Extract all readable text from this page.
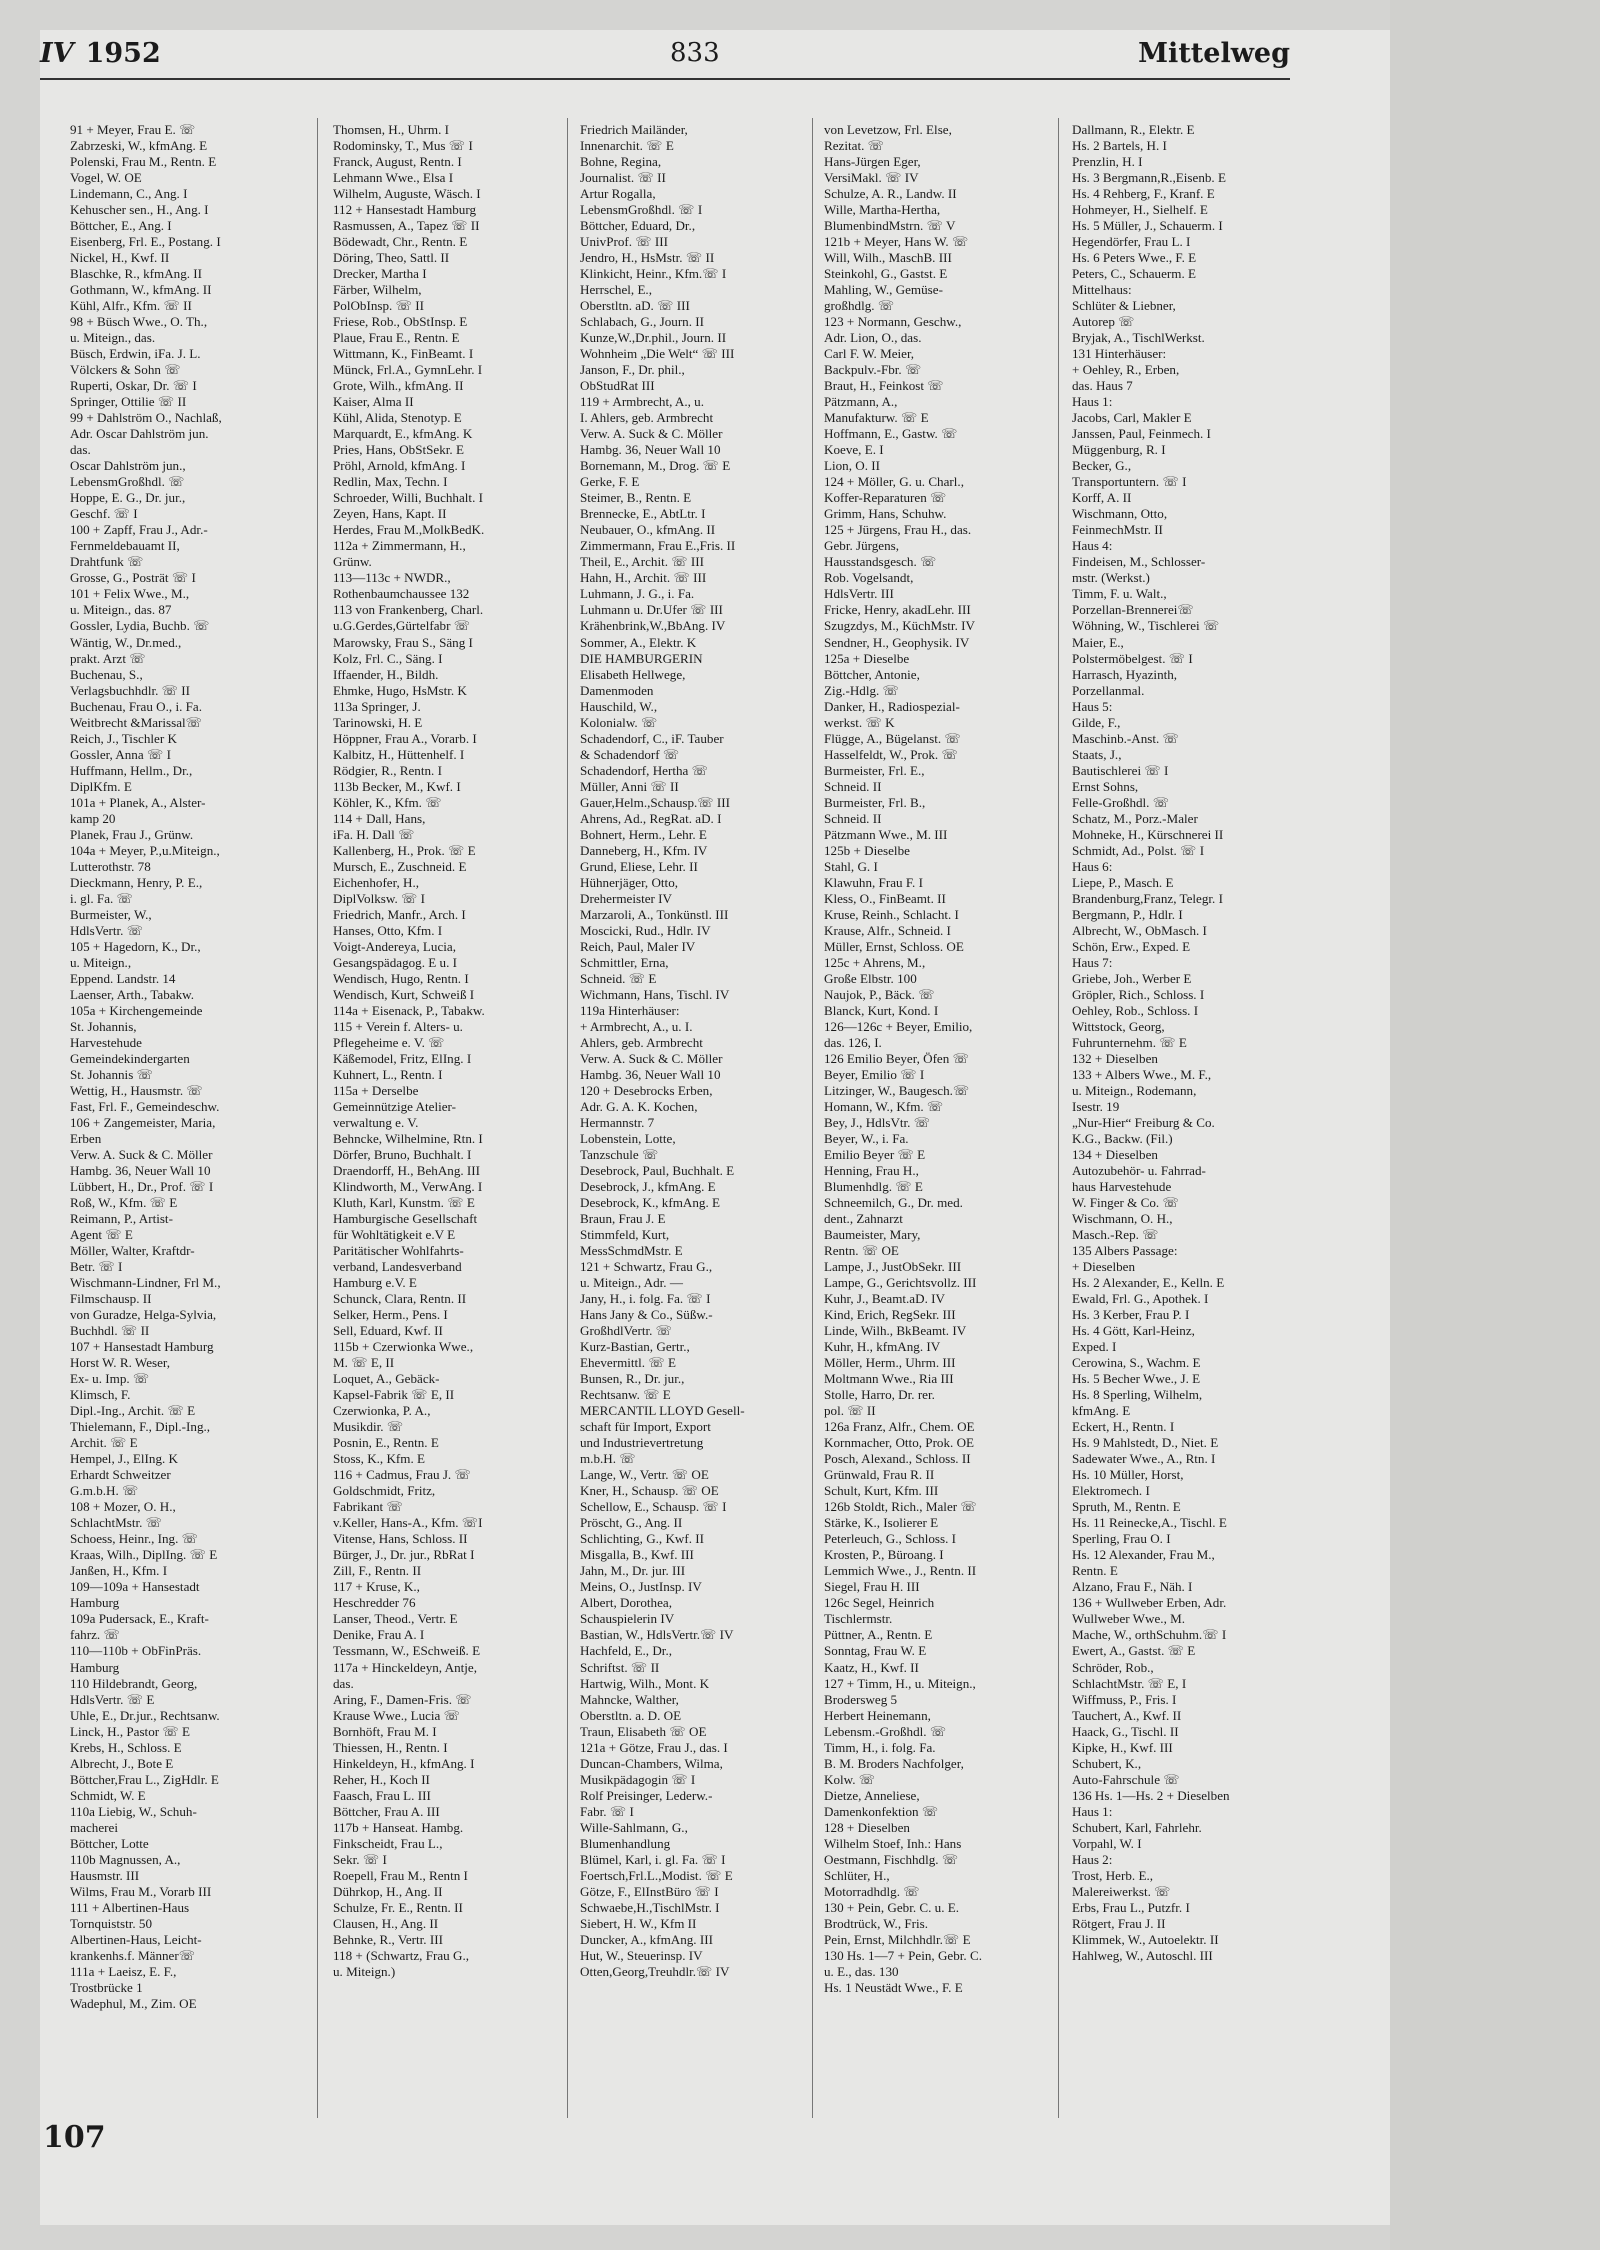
IV 1952	833	Mittelweg
91 + Meyer, Frau E. ☏
Zabrzeski, W., kfmAng. E
Polenski, Frau M., Rentn. E
Vogel, W. OE
Lindemann, C., Ang. I
Kehuscher sen., H., Ang. I
Böttcher, E., Ang. I
Eisenberg, Frl. E., Postang. I
Nickel, H., Kwf. II
Blaschke, R., kfmAng. II
Gothmann, W., kfmAng. II
Kühl, Alfr., Kfm. ☏ II
98 + Büsch Wwe., O. Th.,
u. Miteign., das.
Büsch, Erdwin, iFa. J. L.
Völckers & Sohn ☏
Ruperti, Oskar, Dr. ☏ I
Springer, Ottilie ☏ II
99 + Dahlström O., Nachlaß,
Adr. Oscar Dahlström jun.
das.
Oscar Dahlström jun.,
LebensmGroßhdl. ☏
Hoppe, E. G., Dr. jur.,
Geschf. ☏ I
100 + Zapff, Frau J., Adr.-
Fernmeldebauamt II,
Drahtfunk ☏
Grosse, G., Posträt ☏ I
101 + Felix Wwe., M.,
u. Miteign., das. 87
Gossler, Lydia, Buchb. ☏
Wäntig, W., Dr.med.,
prakt. Arzt ☏
Buchenau, S.,
Verlagsbuchhdlr. ☏ II
Buchenau, Frau O., i. Fa.
Weitbrecht &Marissal☏
Reich, J., Tischler K
Gossler, Anna ☏ I
Huffmann, Hellm., Dr.,
DiplKfm. E
101a + Planek, A., Alster-
kamp 20
Planek, Frau J., Grünw.
104a + Meyer, P.,u.Miteign.,
Lutterothstr. 78
Dieckmann, Henry, P. E.,
i. gl. Fa. ☏
Burmeister, W.,
HdlsVertr. ☏
105 + Hagedorn, K., Dr.,
u. Miteign.,
Eppend. Landstr. 14
Laenser, Arth., Tabakw.
105a + Kirchengemeinde
St. Johannis,
Harvestehude
Gemeindekindergarten
St. Johannis ☏
Wettig, H., Hausmstr. ☏
Fast, Frl. F., Gemeindeschw.
106 + Zangemeister, Maria,
Erben
Verw. A. Suck & C. Möller
Hambg. 36, Neuer Wall 10
Lübbert, H., Dr., Prof. ☏ I
Roß, W., Kfm. ☏ E
Reimann, P., Artist-
Agent ☏ E
Möller, Walter, Kraftdr-
Betr. ☏ I
Wischmann-Lindner, Frl M.,
Filmschausp. II
von Guradze, Helga-Sylvia,
Buchhdl. ☏ II
107 + Hansestadt Hamburg
Horst W. R. Weser,
Ex- u. Imp. ☏
Klimsch, F.
Dipl.-Ing., Archit. ☏ E
Thielemann, F., Dipl.-Ing.,
Archit. ☏ E
Hempel, J., ElIng. K
Erhardt Schweitzer
G.m.b.H. ☏
108 + Mozer, O. H.,
SchlachtMstr. ☏
Schoess, Heinr., Ing. ☏
Kraas, Wilh., DiplIng. ☏ E
Janßen, H., Kfm. I
109—109a + Hansestadt
Hamburg
109a Pudersack, E., Kraft-
fahrz. ☏
110—110b + ObFinPräs.
Hamburg
110 Hildebrandt, Georg,
HdlsVertr. ☏ E
Uhle, E., Dr.jur., Rechtsanw.
Linck, H., Pastor ☏ E
Krebs, H., Schloss. E
Albrecht, J., Bote E
Böttcher,Frau L., ZigHdlr. E
Schmidt, W. E
110a Liebig, W., Schuh-
macherei
Böttcher, Lotte
110b Magnussen, A.,
Hausmstr. III
Wilms, Frau M., Vorarb III
111 + Albertinen-Haus
Tornquiststr. 50
Albertinen-Haus, Leicht-
krankenhs.f. Männer☏
111a + Laeisz, E. F.,
Trostbrücke 1
Wadephul, M., Zim. OE
Thomsen, H., Uhrm. I
Rodominsky, T., Mus ☏ I
Franck, August, Rentn. I
Lehmann Wwe., Elsa I
Wilhelm, Auguste, Wäsch. I
112 + Hansestadt Hamburg
Rasmussen, A., Tapez ☏ II
Bödewadt, Chr., Rentn. E
Döring, Theo, Sattl. II
Drecker, Martha I
Färber, Wilhelm,
PolObInsp. ☏ II
Friese, Rob., ObStInsp. E
Plaue, Frau E., Rentn. E
Wittmann, K., FinBeamt. I
Münck, Frl.A., GymnLehr. I
Grote, Wilh., kfmAng. II
Kaiser, Alma II
Kühl, Alida, Stenotyp. E
Marquardt, E., kfmAng. K
Pries, Hans, ObStSekr. E
Pröhl, Arnold, kfmAng. I
Redlin, Max, Techn. I
Schroeder, Willi, Buchhalt. I
Zeyen, Hans, Kapt. II
Herdes, Frau M.,MolkBedK.
112a + Zimmermann, H.,
Grünw.
113—113c + NWDR.,
Rothenbaumchaussee 132
113 von Frankenberg, Charl.
u.G.Gerdes,Gürtelfabr ☏
Marowsky, Frau S., Säng I
Kolz, Frl. C., Säng. I
Iffaender, H., Bildh.
Ehmke, Hugo, HsMstr. K
113a Springer, J.
Tarinowski, H. E
Höppner, Frau A., Vorarb. I
Kalbitz, H., Hüttenhelf. I
Rödgier, R., Rentn. I
113b Becker, M., Kwf. I
Köhler, K., Kfm. ☏
114 + Dall, Hans,
iFa. H. Dall ☏
Kallenberg, H., Prok. ☏ E
Mursch, E., Zuschneid. E
Eichenhofer, H.,
DiplVolksw. ☏ I
Friedrich, Manfr., Arch. I
Hanses, Otto, Kfm. I
Voigt-Andereya, Lucia,
Gesangspädagog. E u. I
Wendisch, Hugo, Rentn. I
Wendisch, Kurt, Schweiß I
114a + Eisenack, P., Tabakw.
115 + Verein f. Alters- u.
Pflegeheime e. V. ☏
Käßemodel, Fritz, ElIng. I
Kuhnert, L., Rentn. I
115a + Derselbe
Gemeinnützige Atelier-
verwaltung e. V.
Behncke, Wilhelmine, Rtn. I
Dörfer, Bruno, Buchhalt. I
Draendorff, H., BehAng. III
Klindworth, M., VerwAng. I
Kluth, Karl, Kunstm. ☏ E
Hamburgische Gesellschaft
für Wohltätigkeit e.V E
Paritätischer Wohlfahrts-
verband, Landesverband
Hamburg e.V. E
Schunck, Clara, Rentn. II
Selker, Herm., Pens. I
Sell, Eduard, Kwf. II
115b + Czerwionka Wwe.,
M. ☏ E, II
Loquet, A., Gebäck-
Kapsel-Fabrik ☏ E, II
Czerwionka, P. A.,
Musikdir. ☏
Posnin, E., Rentn. E
Stoss, K., Kfm. E
116 + Cadmus, Frau J. ☏
Goldschmidt, Fritz,
Fabrikant ☏
v.Keller, Hans-A., Kfm. ☏I
Vitense, Hans, Schloss. II
Bürger, J., Dr. jur., RbRat I
Zill, F., Rentn. II
117 + Kruse, K.,
Heschredder 76
Lanser, Theod., Vertr. E
Denike, Frau A. I
Tessmann, W., ESchweiß. E
117a + Hinckeldeyn, Antje,
das.
Aring, F., Damen-Fris. ☏
Krause Wwe., Lucia ☏
Bornhöft, Frau M. I
Thiessen, H., Rentn. I
Hinkeldeyn, H., kfmAng. I
Reher, H., Koch II
Faasch, Frau L. III
Böttcher, Frau A. III
117b + Hanseat. Hambg.
Finkscheidt, Frau L.,
Sekr. ☏ I
Roepell, Frau M., Rentn I
Dührkop, H., Ang. II
Schulze, Fr. E., Rentn. II
Clausen, H., Ang. II
Behnke, R., Vertr. III
118 + (Schwartz, Frau G.,
u. Miteign.)
Friedrich Mailänder,
Innenarchit. ☏ E
Bohne, Regina,
Journalist. ☏ II
Artur Rogalla,
LebensmGroßhdl. ☏ I
Böttcher, Eduard, Dr.,
UnivProf. ☏ III
Jendro, H., HsMstr. ☏ II
Klinkicht, Heinr., Kfm.☏ I
Herrschel, E.,
Oberstltn. aD. ☏ III
Schlabach, G., Journ. II
Kunze,W.,Dr.phil., Journ. II
Wohnheim „Die Welt“ ☏ III
Janson, F., Dr. phil.,
ObStudRat III
119 + Armbrecht, A., u.
I. Ahlers, geb. Armbrecht
Verw. A. Suck & C. Möller
Hambg. 36, Neuer Wall 10
Bornemann, M., Drog. ☏ E
Gerke, F. E
Steimer, B., Rentn. E
Brennecke, E., AbtLtr. I
Neubauer, O., kfmAng. II
Zimmermann, Frau E.,Fris. II
Theil, E., Archit. ☏ III
Hahn, H., Archit. ☏ III
Luhmann, J. G., i. Fa.
Luhmann u. Dr.Ufer ☏ III
Krähenbrink,W.,BbAng. IV
Sommer, A., Elektr. K
DIE HAMBURGERIN
Elisabeth Hellwege,
Damenmoden
Hauschild, W.,
Kolonialw. ☏
Schadendorf, C., iF. Tauber
& Schadendorf ☏
Schadendorf, Hertha ☏
Müller, Anni ☏ II
Gauer,Helm.,Schausp.☏ III
Ahrens, Ad., RegRat. aD. I
Bohnert, Herm., Lehr. E
Danneberg, H., Kfm. IV
Grund, Eliese, Lehr. II
Hühnerjäger, Otto,
Drehermeister IV
Marzaroli, A., Tonkünstl. III
Moscicki, Rud., Hdlr. IV
Reich, Paul, Maler IV
Schmittler, Erna,
Schneid. ☏ E
Wichmann, Hans, Tischl. IV
119a Hinterhäuser:
+ Armbrecht, A., u. I.
Ahlers, geb. Armbrecht
Verw. A. Suck & C. Möller
Hambg. 36, Neuer Wall 10
120 + Desebrocks Erben,
Adr. G. A. K. Kochen,
Hermannstr. 7
Lobenstein, Lotte,
Tanzschule ☏
Desebrock, Paul, Buchhalt. E
Desebrock, J., kfmAng. E
Desebrock, K., kfmAng. E
Braun, Frau J. E
Stimmfeld, Kurt,
MessSchmdMstr. E
121 + Schwartz, Frau G.,
u. Miteign., Adr. —
Jany, H., i. folg. Fa. ☏ I
Hans Jany & Co., Süßw.-
GroßhdlVertr. ☏
Kurz-Bastian, Gertr.,
Ehevermittl. ☏ E
Bunsen, R., Dr. jur.,
Rechtsanw. ☏ E
MERCANTIL LLOYD Gesell-
schaft für Import, Export
und Industrievertretung
m.b.H. ☏
Lange, W., Vertr. ☏ OE
Kner, H., Schausp. ☏ OE
Schellow, E., Schausp. ☏ I
Pröscht, G., Ang. II
Schlichting, G., Kwf. II
Misgalla, B., Kwf. III
Jahn, M., Dr. jur. III
Meins, O., JustInsp. IV
Albert, Dorothea,
Schauspielerin IV
Bastian, W., HdlsVertr.☏ IV
Hachfeld, E., Dr.,
Schriftst. ☏ II
Hartwig, Wilh., Mont. K
Mahncke, Walther,
Oberstltn. a. D. OE
Traun, Elisabeth ☏ OE
121a + Götze, Frau J., das. I
Duncan-Chambers, Wilma,
Musikpädagogin ☏ I
Rolf Preisinger, Lederw.-
Fabr. ☏ I
Wille-Sahlmann, G.,
Blumenhandlung
Blümel, Karl, i. gl. Fa. ☏ I
Foertsch,Frl.L.,Modist. ☏ E
Götze, F., ElInstBüro ☏ I
Schwaebe,H.,TischlMstr. I
Siebert, H. W., Kfm II
Duncker, A., kfmAng. III
Hut, W., Steuerinsp. IV
Otten,Georg,Treuhdlr.☏ IV
von Levetzow, Frl. Else,
Rezitat. ☏
Hans-Jürgen Eger,
VersiMakl. ☏ IV
Schulze, A. R., Landw. II
Wille, Martha-Hertha,
BlumenbindMstrn. ☏ V
121b + Meyer, Hans W. ☏
Will, Wilh., MaschB. III
Steinkohl, G., Gastst. E
Mahling, W., Gemüse-
großhdlg. ☏
123 + Normann, Geschw.,
Adr. Lion, O., das.
Carl F. W. Meier,
Backpulv.-Fbr. ☏
Braut, H., Feinkost ☏
Pätzmann, A.,
Manufakturw. ☏ E
Hoffmann, E., Gastw. ☏
Koeve, E. I
Lion, O. II
124 + Möller, G. u. Charl.,
Koffer-Reparaturen ☏
Grimm, Hans, Schuhw.
125 + Jürgens, Frau H., das.
Gebr. Jürgens,
Hausstandsgesch. ☏
Rob. Vogelsandt,
HdlsVertr. III
Fricke, Henry, akadLehr. III
Szugzdys, M., KüchMstr. IV
Sendner, H., Geophysik. IV
125a + Dieselbe
Böttcher, Antonie,
Zig.-Hdlg. ☏
Danker, H., Radiospezial-
werkst. ☏ K
Flügge, A., Bügelanst. ☏
Hasselfeldt, W., Prok. ☏
Burmeister, Frl. E.,
Schneid. II
Burmeister, Frl. B.,
Schneid. II
Pätzmann Wwe., M. III
125b + Dieselbe
Stahl, G. I
Klawuhn, Frau F. I
Kless, O., FinBeamt. II
Kruse, Reinh., Schlacht. I
Krause, Alfr., Schneid. I
Müller, Ernst, Schloss. OE
125c + Ahrens, M.,
Große Elbstr. 100
Naujok, P., Bäck. ☏
Blanck, Kurt, Kond. I
126—126c + Beyer, Emilio,
das. 126, I.
126 Emilio Beyer, Öfen ☏
Beyer, Emilio ☏ I
Litzinger, W., Baugesch.☏
Homann, W., Kfm. ☏
Bey, J., HdlsVtr. ☏
Beyer, W., i. Fa.
Emilio Beyer ☏ E
Henning, Frau H.,
Blumenhdlg. ☏ E
Schneemilch, G., Dr. med.
dent., Zahnarzt
Baumeister, Mary,
Rentn. ☏ OE
Lampe, J., JustObSekr. III
Lampe, G., Gerichtsvollz. III
Kuhr, J., Beamt.aD. IV
Kind, Erich, RegSekr. III
Linde, Wilh., BkBeamt. IV
Kuhr, H., kfmAng. IV
Möller, Herm., Uhrm. III
Moltmann Wwe., Ria III
Stolle, Harro, Dr. rer.
pol. ☏ II
126a Franz, Alfr., Chem. OE
Kornmacher, Otto, Prok. OE
Posch, Alexand., Schloss. II
Grünwald, Frau R. II
Schult, Kurt, Kfm. III
126b Stoldt, Rich., Maler ☏
Stärke, K., Isolierer E
Peterleuch, G., Schloss. I
Krosten, P., Büroang. I
Lemmich Wwe., J., Rentn. II
Siegel, Frau H. III
126c Segel, Heinrich
Tischlermstr.
Püttner, A., Rentn. E
Sonntag, Frau W. E
Kaatz, H., Kwf. II
127 + Timm, H., u. Miteign.,
Brodersweg 5
Herbert Heinemann,
Lebensm.-Großhdl. ☏
Timm, H., i. folg. Fa.
B. M. Broders Nachfolger,
Kolw. ☏
Dietze, Anneliese,
Damenkonfektion ☏
128 + Dieselben
Wilhelm Stoef, Inh.: Hans
Oestmann, Fischhdlg. ☏
Schlüter, H.,
Motorradhdlg. ☏
130 + Pein, Gebr. C. u. E.
Brodtrück, W., Fris.
Pein, Ernst, Milchhdlr.☏ E
130 Hs. 1—7 + Pein, Gebr. C.
u. E., das. 130
Hs. 1 Neustädt Wwe., F. E
Dallmann, R., Elektr. E
Hs. 2 Bartels, H. I
Prenzlin, H. I
Hs. 3 Bergmann,R.,Eisenb. E
Hs. 4 Rehberg, F., Kranf. E
Hohmeyer, H., Sielhelf. E
Hs. 5 Müller, J., Schauerm. I
Hegendörfer, Frau L. I
Hs. 6 Peters Wwe., F. E
Peters, C., Schauerm. E
Mittelhaus:
Schlüter & Liebner,
Autorep ☏
Bryjak, A., TischlWerkst.
131 Hinterhäuser:
+ Oehley, R., Erben,
das. Haus 7
Haus 1:
Jacobs, Carl, Makler E
Janssen, Paul, Feinmech. I
Müggenburg, R. I
Becker, G.,
Transportuntern. ☏ I
Korff, A. II
Wischmann, Otto,
FeinmechMstr. II
Haus 4:
Findeisen, M., Schlosser-
mstr. (Werkst.)
Timm, F. u. Walt.,
Porzellan-Brennerei☏
Wöhning, W., Tischlerei ☏
Maier, E.,
Polstermöbelgest. ☏ I
Harrasch, Hyazinth,
Porzellanmal.
Haus 5:
Gilde, F.,
Maschinb.-Anst. ☏
Staats, J.,
Bautischlerei ☏ I
Ernst Sohns,
Felle-Großhdl. ☏
Schatz, M., Porz.-Maler
Mohneke, H., Kürschnerei II
Schmidt, Ad., Polst. ☏ I
Haus 6:
Liepe, P., Masch. E
Brandenburg,Franz, Telegr. I
Bergmann, P., Hdlr. I
Albrecht, W., ObMasch. I
Schön, Erw., Exped. E
Haus 7:
Griebe, Joh., Werber E
Gröpler, Rich., Schloss. I
Oehley, Rob., Schloss. I
Wittstock, Georg,
Fuhrunternehm. ☏ E
132 + Dieselben
133 + Albers Wwe., M. F.,
u. Miteign., Rodemann,
Isestr. 19
„Nur-Hier“ Freiburg & Co.
K.G., Backw. (Fil.)
134 + Dieselben
Autozubehör- u. Fahrrad-
haus Harvestehude
W. Finger & Co. ☏
Wischmann, O. H.,
Masch.-Rep. ☏
135 Albers Passage:
+ Dieselben
Hs. 2 Alexander, E., Kelln. E
Ewald, Frl. G., Apothek. I
Hs. 3 Kerber, Frau P. I
Hs. 4 Gött, Karl-Heinz,
Exped. I
Cerowina, S., Wachm. E
Hs. 5 Becher Wwe., J. E
Hs. 8 Sperling, Wilhelm,
kfmAng. E
Eckert, H., Rentn. I
Hs. 9 Mahlstedt, D., Niet. E
Sadewater Wwe., A., Rtn. I
Hs. 10 Müller, Horst,
Elektromech. I
Spruth, M., Rentn. E
Hs. 11 Reinecke,A., Tischl. E
Sperling, Frau O. I
Hs. 12 Alexander, Frau M.,
Rentn. E
Alzano, Frau F., Näh. I
136 + Wullweber Erben, Adr.
Wullweber Wwe., M.
Mache, W., orthSchuhm.☏ I
Ewert, A., Gastst. ☏ E
Schröder, Rob.,
SchlachtMstr. ☏ E, I
Wiffmuss, P., Fris. I
Tauchert, A., Kwf. II
Haack, G., Tischl. II
Kipke, H., Kwf. III
Schubert, K.,
Auto-Fahrschule ☏
136 Hs. 1—Hs. 2 + Dieselben
Haus 1:
Schubert, Karl, Fahrlehr.
Vorpahl, W. I
Haus 2:
Trost, Herb. E.,
Malereiwerkst. ☏
Erbs, Frau L., Putzfr. I
Rötgert, Frau J. II
Klimmek, W., Autoelektr. II
Hahlweg, W., Autoschl. III
107
